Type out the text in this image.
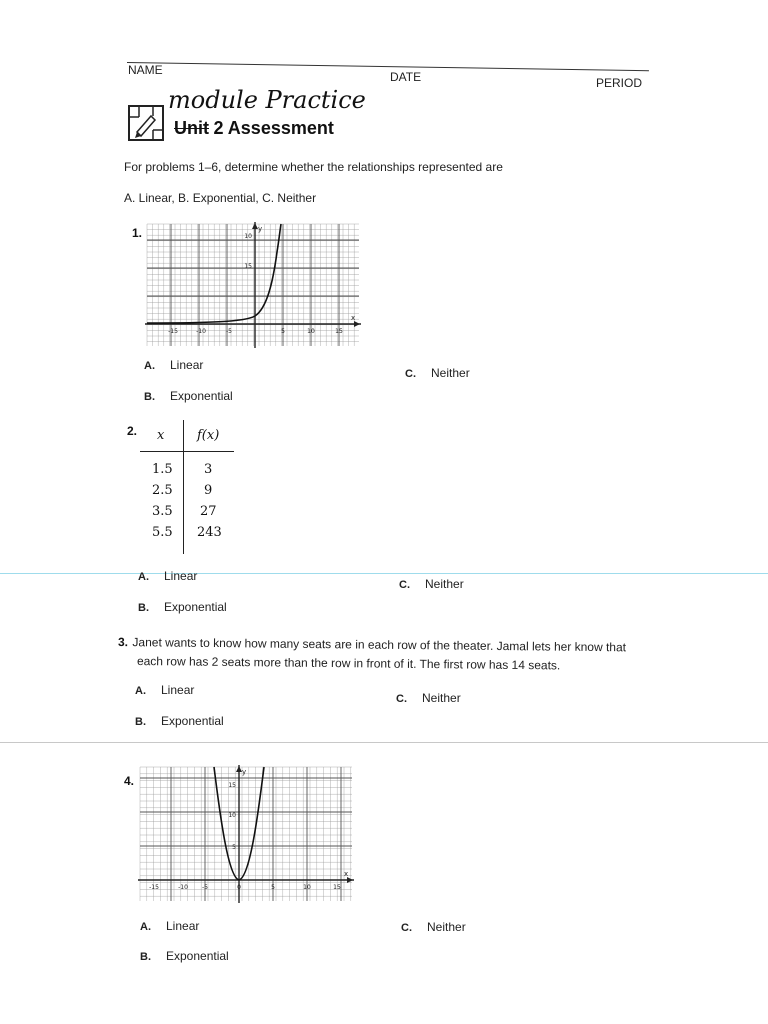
NAME	DATE	PERIOD
module Practice
Unit 2 Assessment
For problems 1–6, determine whether the relationships represented are
A. Linear, B. Exponential, C. Neither
1.
x
y
-15	-10	-5	5	10	15
10
15
A. Linear
B. Exponential
C. Neither
2. x	f(x)
1.5 3
2.5 9
3.5 27
5.5 243
A. Linear
B. Exponential
C. Neither
3. Janet wants to know how many seats are in each row of the theater. Jamal lets her know that
each row has 2 seats more than the row in front of it. The first row has 14 seats.
A. Linear
B. Exponential
C. Neither
4.
x
y
-15	-10 -5	0	5	10	15
15
10
5
A. Linear
B. Exponential
C. Neither
